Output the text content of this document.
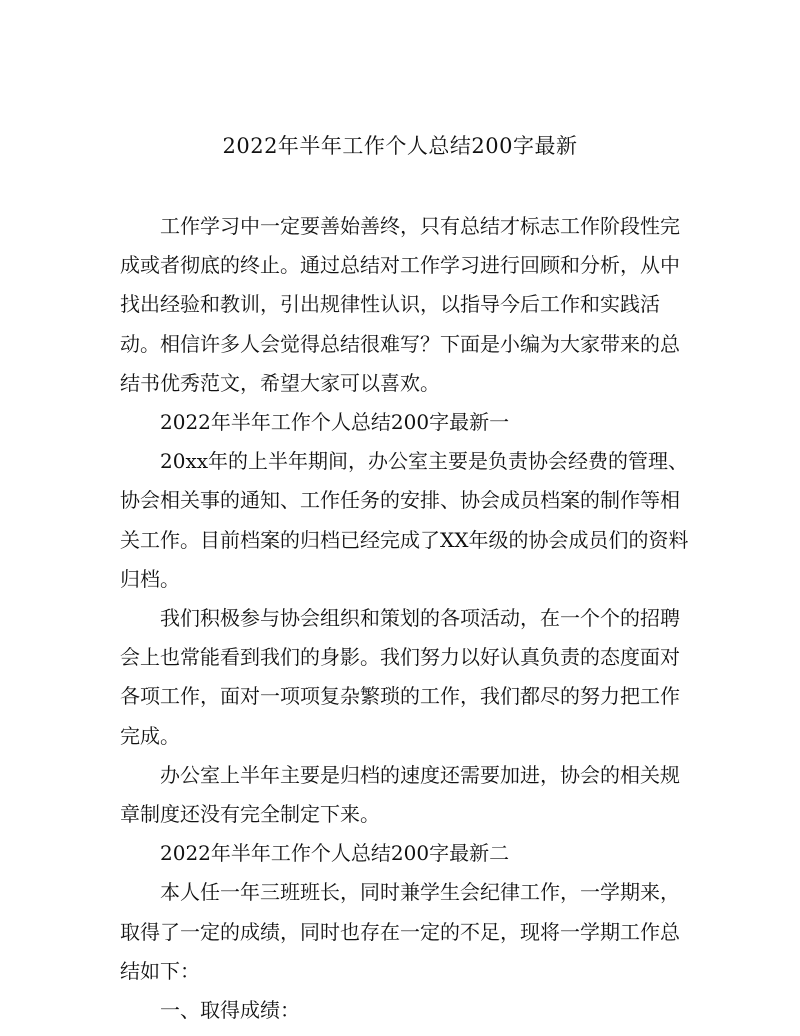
2022年半年工作个人总结200字最新

工作学习中一定要善始善终，只有总结才标志工作阶段性完成或者彻底的终止。通过总结对工作学习进行回顾和分析，从中找出经验和教训，引出规律性认识，以指导今后工作和实践活动。相信许多人会觉得总结很难写？下面是小编为大家带来的总结书优秀范文，希望大家可以喜欢。

2022年半年工作个人总结200字最新一

20xx年的上半年期间，办公室主要是负责协会经费的管理、协会相关事的通知、工作任务的安排、协会成员档案的制作等相关工作。目前档案的归档已经完成了XX年级的协会成员们的资料归档。

我们积极参与协会组织和策划的各项活动，在一个个的招聘会上也常能看到我们的身影。我们努力以好认真负责的态度面对各项工作，面对一项项复杂繁琐的工作，我们都尽的努力把工作完成。

办公室上半年主要是归档的速度还需要加进，协会的相关规章制度还没有完全制定下来。

2022年半年工作个人总结200字最新二

本人任一年三班班长，同时兼学生会纪律工作，一学期来，取得了一定的成绩，同时也存在一定的不足，现将一学期工作总结如下：

一、取得成绩：
